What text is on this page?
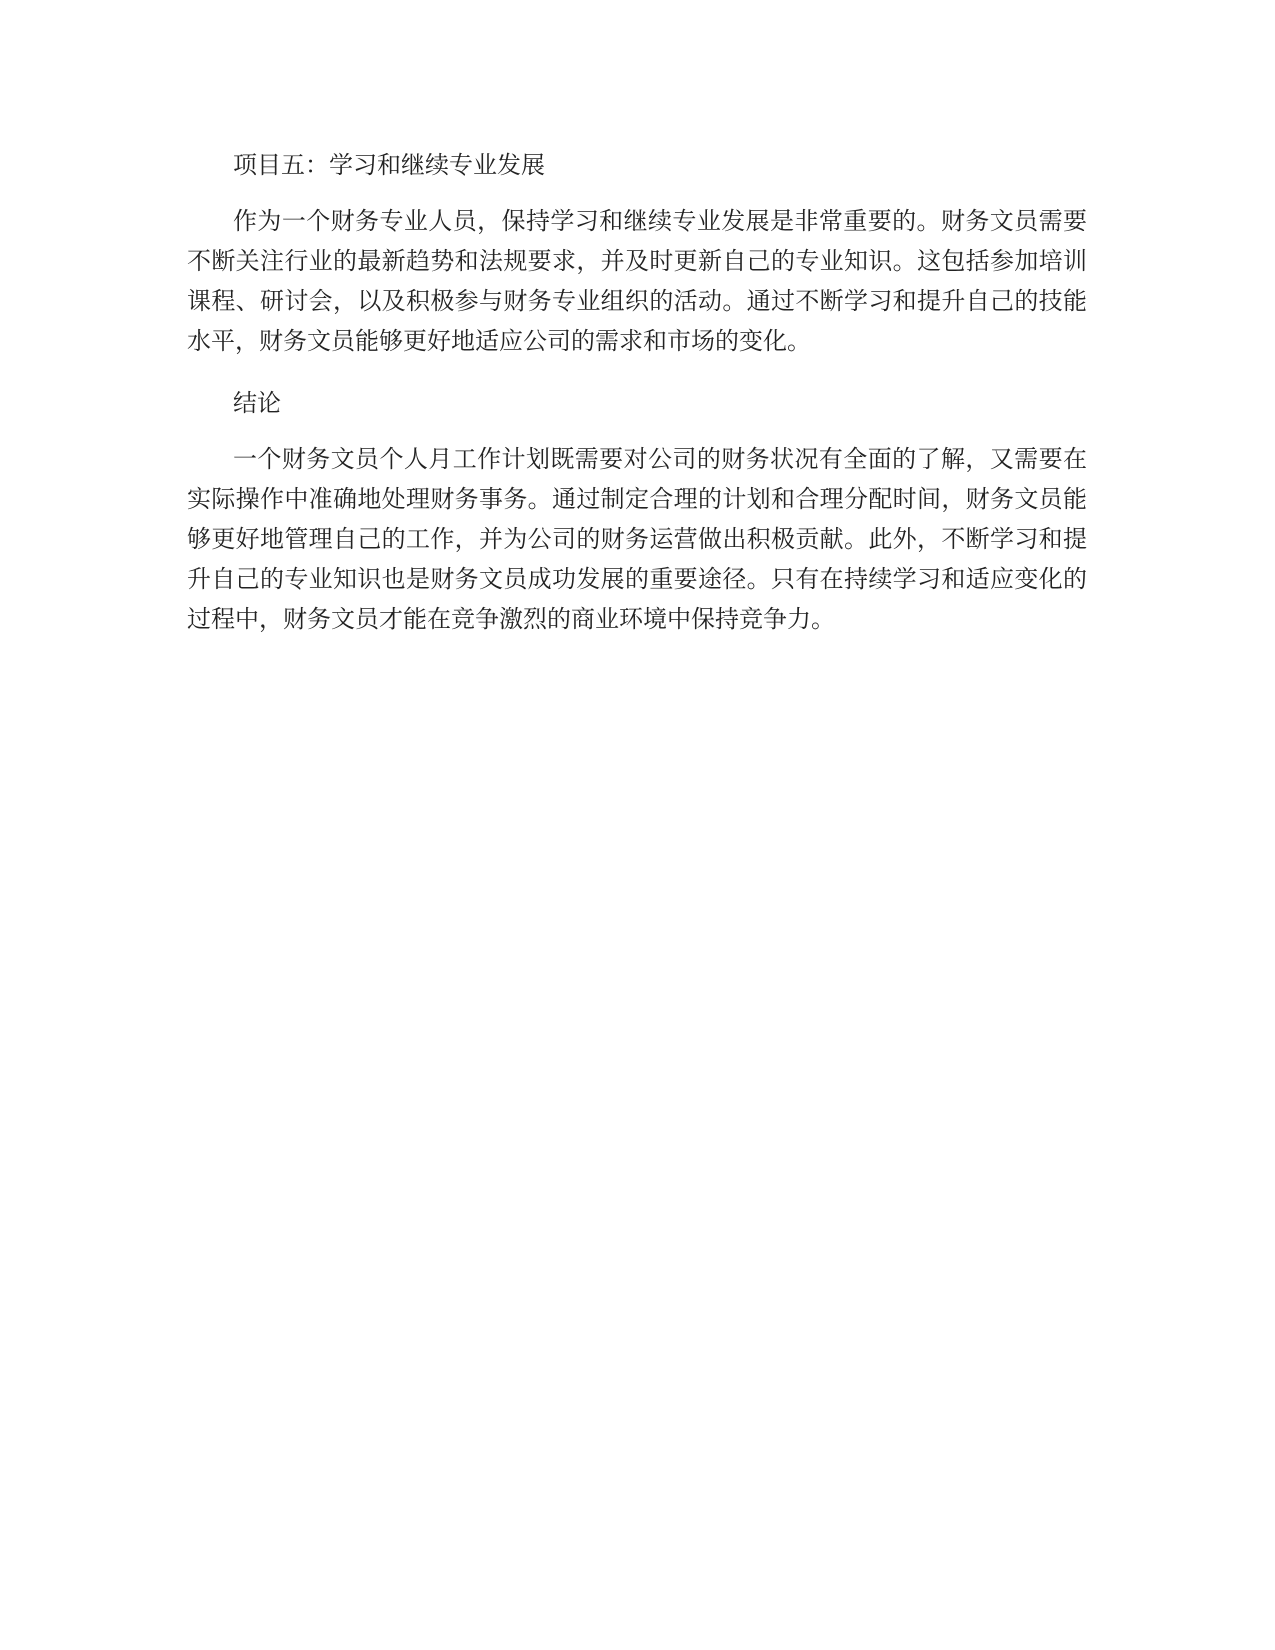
项目五：学习和继续专业发展

作为一个财务专业人员，保持学习和继续专业发展是非常重要的。财务文员需要不断关注行业的最新趋势和法规要求，并及时更新自己的专业知识。这包括参加培训课程、研讨会，以及积极参与财务专业组织的活动。通过不断学习和提升自己的技能水平，财务文员能够更好地适应公司的需求和市场的变化。

结论

一个财务文员个人月工作计划既需要对公司的财务状况有全面的了解，又需要在实际操作中准确地处理财务事务。通过制定合理的计划和合理分配时间，财务文员能够更好地管理自己的工作，并为公司的财务运营做出积极贡献。此外，不断学习和提升自己的专业知识也是财务文员成功发展的重要途径。只有在持续学习和适应变化的过程中，财务文员才能在竞争激烈的商业环境中保持竞争力。
